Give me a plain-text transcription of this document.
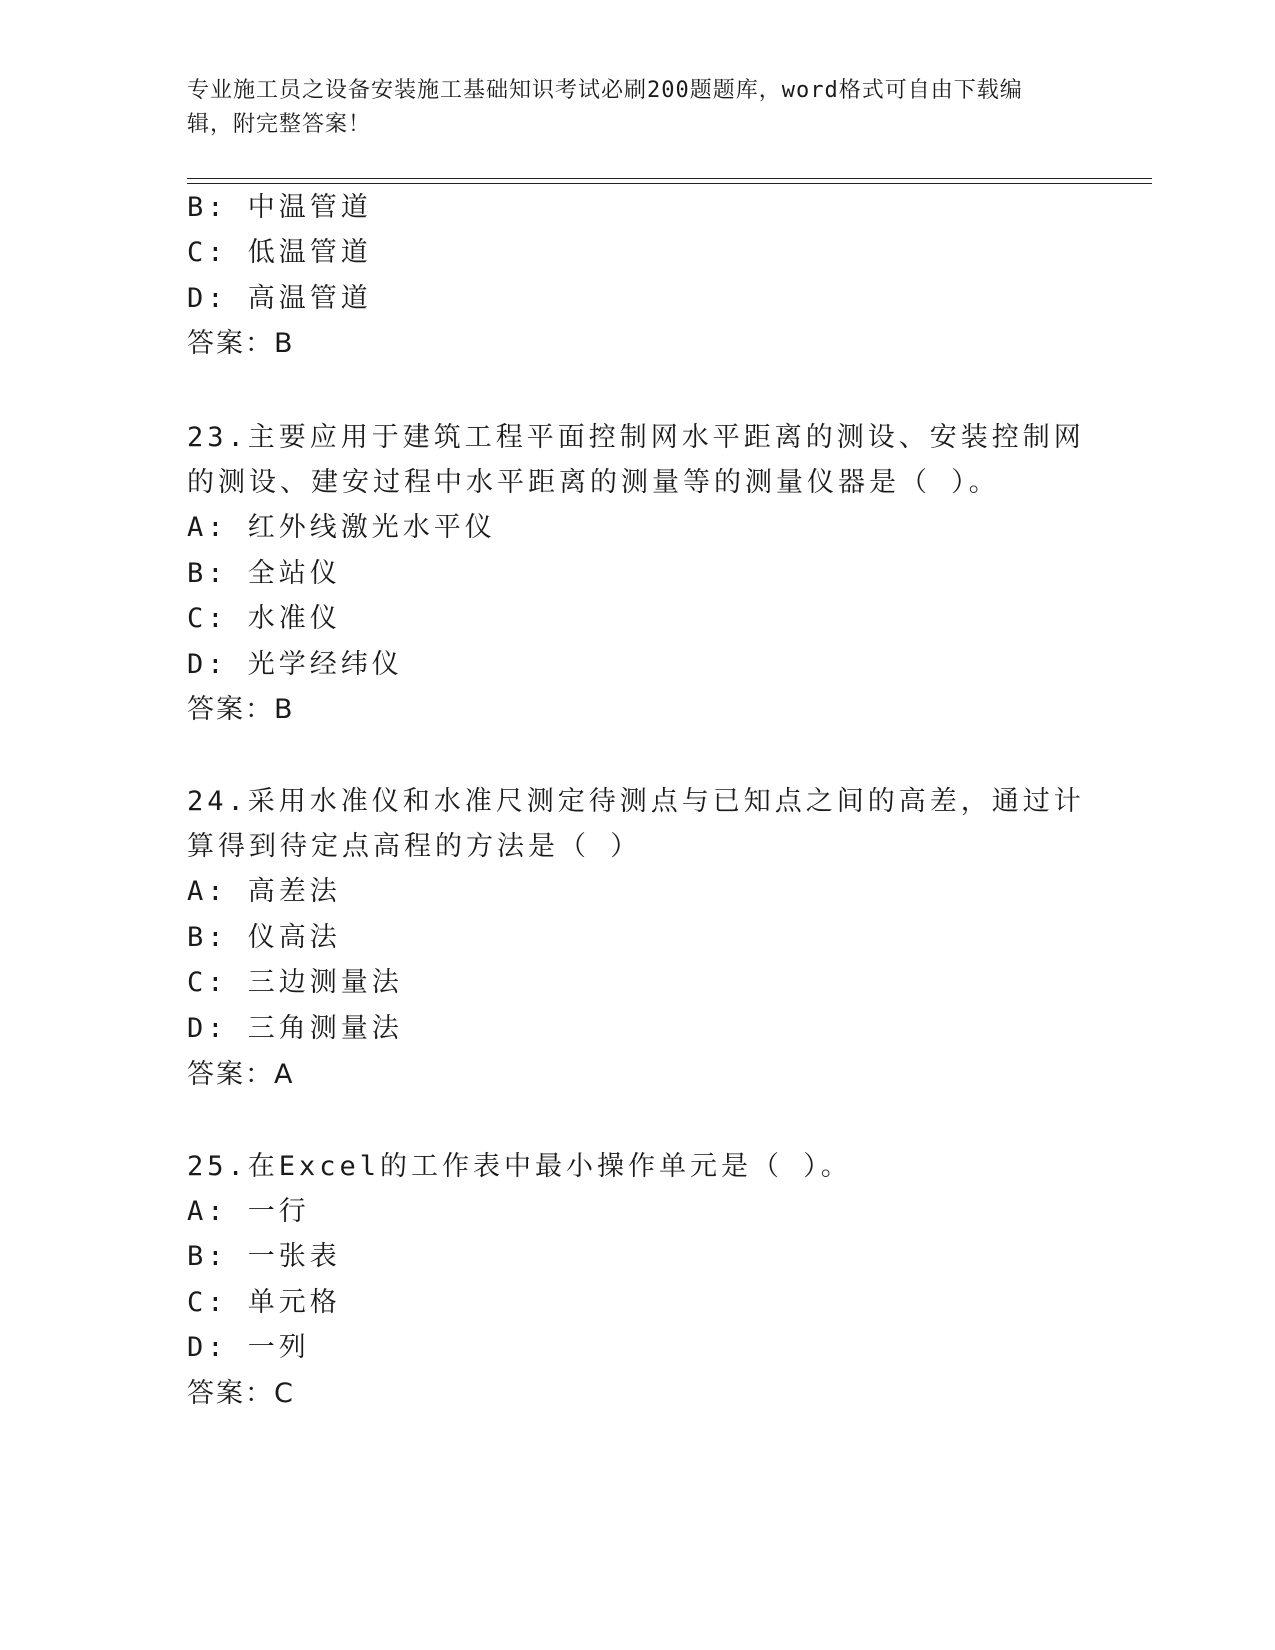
专业施工员之设备安装施工基础知识考试必刷200题题库，word格式可自由下载编辑，附完整答案！
B: 中温管道
C: 低温管道
D: 高温管道
答案：B
23.主要应用于建筑工程平面控制网水平距离的测设、安装控制网的测设、建安过程中水平距离的测量等的测量仪器是（ ）。
A: 红外线激光水平仪
B: 全站仪
C: 水准仪
D: 光学经纬仪
答案：B
24.采用水准仪和水准尺测定待测点与已知点之间的高差，通过计算得到待定点高程的方法是（ ）
A: 高差法
B: 仪高法
C: 三边测量法
D: 三角测量法
答案：A
25.在Excel的工作表中最小操作单元是（ ）。
A: 一行
B: 一张表
C: 单元格
D: 一列
答案：C
